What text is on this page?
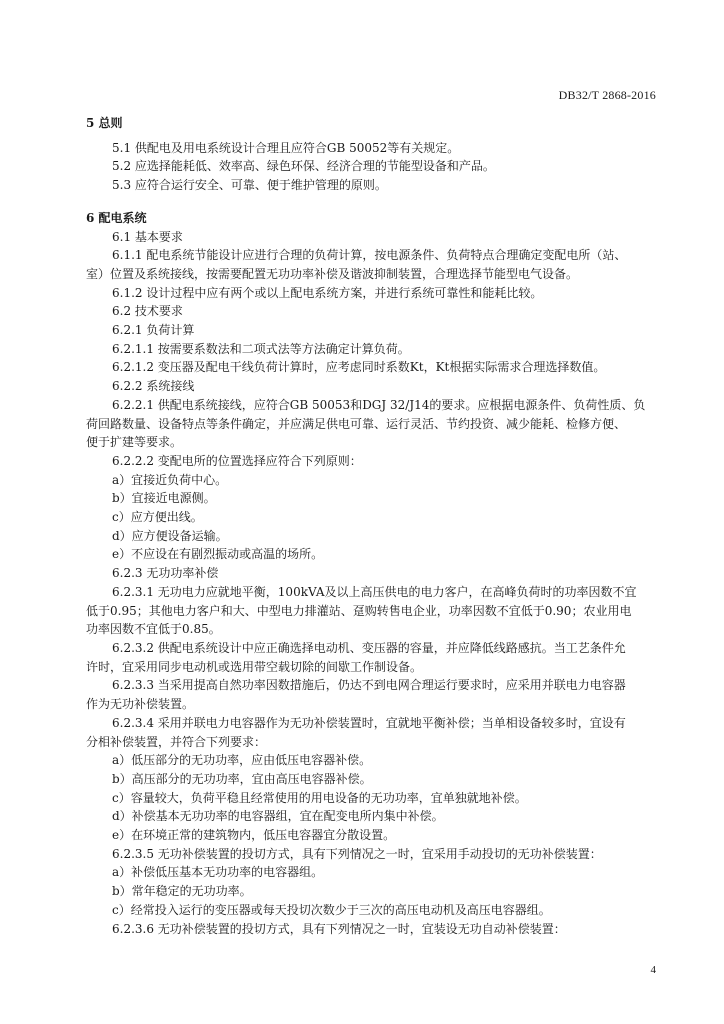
DB32/T 2868-2016
5 总则
5.1 供配电及用电系统设计合理且应符合GB 50052等有关规定。
5.2 应选择能耗低、效率高、绿色环保、经济合理的节能型设备和产品。
5.3 应符合运行安全、可靠、便于维护管理的原则。
6 配电系统
6.1 基本要求
6.1.1 配电系统节能设计应进行合理的负荷计算，按电源条件、负荷特点合理确定变配电所（站、
室）位置及系统接线，按需要配置无功功率补偿及谐波抑制装置，合理选择节能型电气设备。
6.1.2 设计过程中应有两个或以上配电系统方案，并进行系统可靠性和能耗比较。
6.2 技术要求
6.2.1 负荷计算
6.2.1.1 按需要系数法和二项式法等方法确定计算负荷。
6.2.1.2 变压器及配电干线负荷计算时，应考虑同时系数Kt，Kt根据实际需求合理选择数值。
6.2.2 系统接线
6.2.2.1 供配电系统接线，应符合GB 50053和DGJ 32/J14的要求。应根据电源条件、负荷性质、负
荷回路数量、设备特点等条件确定，并应满足供电可靠、运行灵活、节约投资、减少能耗、检修方便、
便于扩建等要求。
6.2.2.2 变配电所的位置选择应符合下列原则：
a）宜接近负荷中心。
b）宜接近电源侧。
c）应方便出线。
d）应方便设备运输。
e）不应设在有剧烈振动或高温的场所。
6.2.3 无功功率补偿
6.2.3.1 无功电力应就地平衡，100kVA及以上高压供电的电力客户，在高峰负荷时的功率因数不宜
低于0.95；其他电力客户和大、中型电力排灌站、趸购转售电企业，功率因数不宜低于0.90；农业用电
功率因数不宜低于0.85。
6.2.3.2 供配电系统设计中应正确选择电动机、变压器的容量，并应降低线路感抗。当工艺条件允
许时，宜采用同步电动机或选用带空载切除的间歇工作制设备。
6.2.3.3 当采用提高自然功率因数措施后，仍达不到电网合理运行要求时，应采用并联电力电容器
作为无功补偿装置。
6.2.3.4 采用并联电力电容器作为无功补偿装置时，宜就地平衡补偿；当单相设备较多时，宜设有
分相补偿装置，并符合下列要求：
a）低压部分的无功功率，应由低压电容器补偿。
b）高压部分的无功功率，宜由高压电容器补偿。
c）容量较大，负荷平稳且经常使用的用电设备的无功功率，宜单独就地补偿。
d）补偿基本无功功率的电容器组，宜在配变电所内集中补偿。
e）在环境正常的建筑物内，低压电容器宜分散设置。
6.2.3.5 无功补偿装置的投切方式，具有下列情况之一时，宜采用手动投切的无功补偿装置：
a）补偿低压基本无功功率的电容器组。
b）常年稳定的无功功率。
c）经常投入运行的变压器或每天投切次数少于三次的高压电动机及高压电容器组。
6.2.3.6 无功补偿装置的投切方式，具有下列情况之一时，宜装设无功自动补偿装置：
4
